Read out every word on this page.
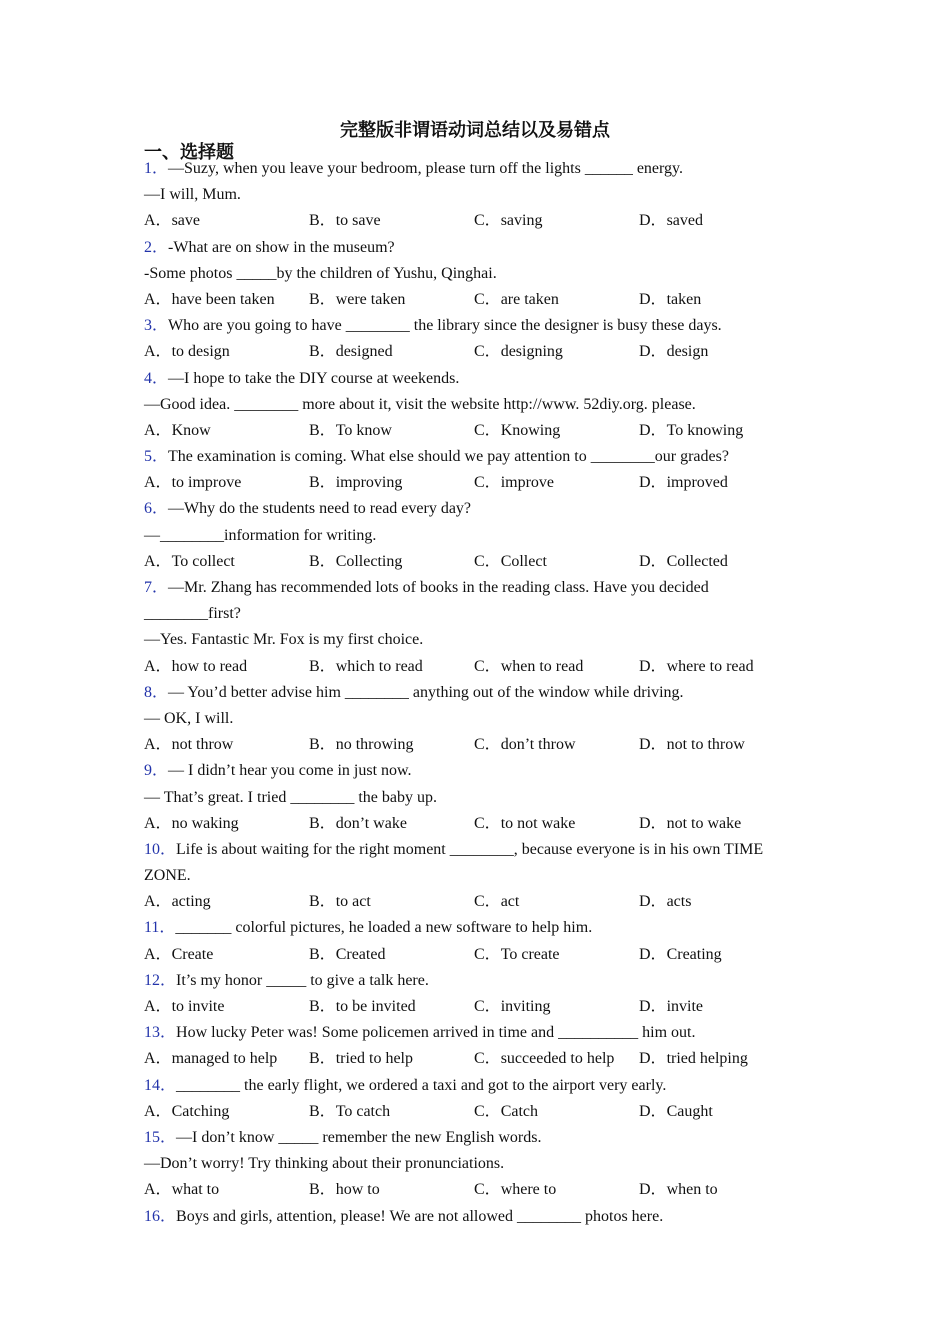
完整版非谓语动词总结以及易错点
一、选择题
1．—Suzy, when you leave your bedroom, please turn off the lights ______ energy.
—I will, Mum.
A．save	B．to save	C．saving	D．saved
2．-What are on show in the museum?
-Some photos _____by the children of Yushu, Qinghai.
A．have been taken	B．were taken	C．are taken	D．taken
3．Who are you going to have ________ the library since the designer is busy these days.
A．to design	B．designed	C．designing	D．design
4．—I hope to take the DIY course at weekends.
—Good idea. ________ more about it, visit the website http://www. 52diy.org. please.
A．Know	B．To know	C．Knowing	D．To knowing
5．The examination is coming. What else should we pay attention to ________our grades?
A．to improve	B．improving	C．improve	D．improved
6．—Why do the students need to read every day?
—________information for writing.
A．To collect	B．Collecting	C．Collect	D．Collected
7．—Mr. Zhang has recommended lots of books in the reading class. Have you decided
________first?
—Yes. Fantastic Mr. Fox is my first choice.
A．how to read	B．which to read	C．when to read	D．where to read
8．— You’d better advise him ________ anything out of the window while driving.
— OK, I will.
A．not throw	B．no throwing	C．don’t throw	D．not to throw
9．— I didn’t hear you come in just now.
— That’s great. I tried ________ the baby up.
A．no waking	B．don’t wake	C．to not wake	D．not to wake
10．Life is about waiting for the right moment ________, because everyone is in his own TIME
ZONE.
A．acting	B．to act	C．act	D．acts
11．_______ colorful pictures, he loaded a new software to help him.
A．Create	B．Created	C．To create	D．Creating
12．It’s my honor _____ to give a talk here.
A．to invite	B．to be invited	C．inviting	D．invite
13．How lucky Peter was! Some policemen arrived in time and __________ him out.
A．managed to help	B．tried to help	C．succeeded to help	D．tried helping
14．________ the early flight, we ordered a taxi and got to the airport very early.
A．Catching	B．To catch	C．Catch	D．Caught
15．—I don’t know _____ remember the new English words.
—Don’t worry! Try thinking about their pronunciations.
A．what to	B．how to	C．where to	D．when to
16．Boys and girls, attention, please! We are not allowed ________ photos here.
